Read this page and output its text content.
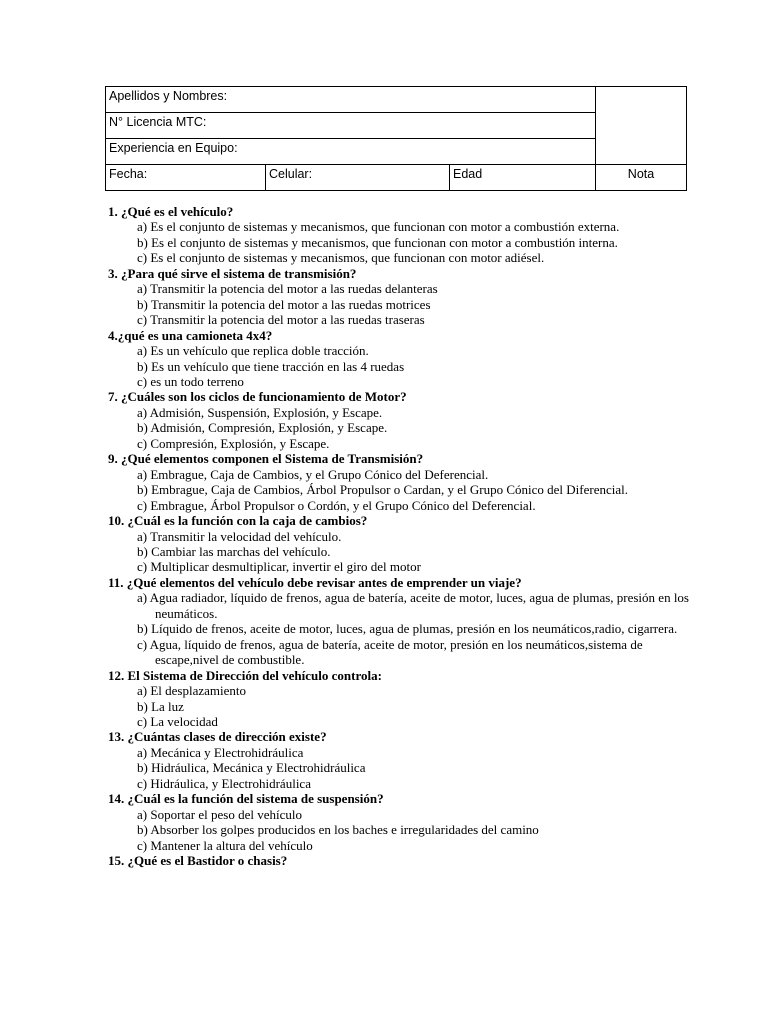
Apellidos y Nombres:			
N° Licencia MTC:			
Experiencia en Equipo:			
Fecha:	Celular:	Edad	Nota
1. ¿Qué es el vehículo?
a) Es el conjunto de sistemas y mecanismos, que funcionan con motor a combustión externa.
b) Es el conjunto de sistemas y mecanismos, que funcionan con motor a combustión interna.
c) Es el conjunto de sistemas y mecanismos, que funcionan con motor adiésel.
3. ¿Para qué sirve el sistema de transmisión?
a) Transmitir la potencia del motor a las ruedas delanteras
b) Transmitir la potencia del motor a las ruedas motrices
c) Transmitir la potencia del motor a las ruedas traseras
4.¿qué es una camioneta 4x4?
a) Es un vehículo que replica doble tracción.
b) Es un vehículo que tiene tracción en las 4 ruedas
c) es un todo terreno
7. ¿Cuáles son los ciclos de funcionamiento de Motor?
a) Admisión, Suspensión, Explosión, y Escape.
b) Admisión, Compresión, Explosión, y Escape.
c) Compresión, Explosión, y Escape.
9. ¿Qué elementos componen el Sistema de Transmisión?
a) Embrague, Caja de Cambios, y el Grupo Cónico del Deferencial.
b) Embrague, Caja de Cambios, Árbol Propulsor o Cardan, y el Grupo Cónico del Diferencial.
c) Embrague, Árbol Propulsor o Cordón, y el Grupo Cónico del Deferencial.
10. ¿Cuál es la función con la caja de cambios?
a) Transmitir la velocidad del vehículo.
b) Cambiar las marchas del vehículo.
c) Multiplicar desmultiplicar, invertir el giro del motor
11. ¿Qué elementos del vehículo debe revisar antes de emprender un viaje?
a) Agua radiador, líquido de frenos, agua de batería, aceite de motor, luces, agua de plumas, presión en los neumáticos.
b) Líquido de frenos, aceite de motor, luces, agua de plumas, presión en los neumáticos,radio, cigarrera.
c) Agua, líquido de frenos, agua de batería, aceite de motor, presión en los neumáticos,sistema de escape,nivel de combustible.
12. El Sistema de Dirección del vehículo controla:
a) El desplazamiento
b) La luz
c) La velocidad
13. ¿Cuántas clases de dirección existe?
a) Mecánica y Electrohidráulica
b) Hidráulica, Mecánica y Electrohidráulica
c) Hidráulica, y Electrohidráulica
14. ¿Cuál es la función del sistema de suspensión?
a) Soportar el peso del vehículo
b) Absorber los golpes producidos en los baches e irregularidades del camino
c) Mantener la altura del vehículo
15. ¿Qué es el Bastidor o chasis?
